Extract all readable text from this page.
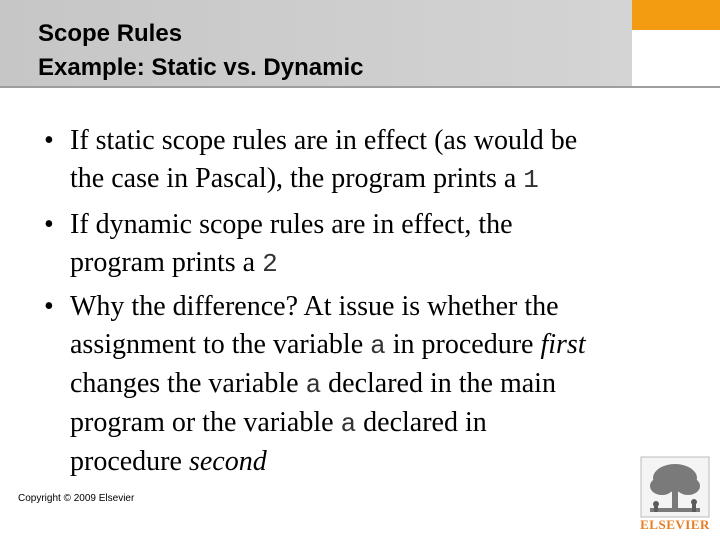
Scope Rules
Example: Static vs. Dynamic
• If static scope rules are in effect (as would be
the case in Pascal), the program prints a 1
• If dynamic scope rules are in effect, the
program prints a 2
• Why the difference? At issue is whether the
assignment to the variable a in procedure first
changes the variable a declared in the main
program or the variable a declared in
procedure second
Copyright © 2009 Elsevier
ELSEVIER
